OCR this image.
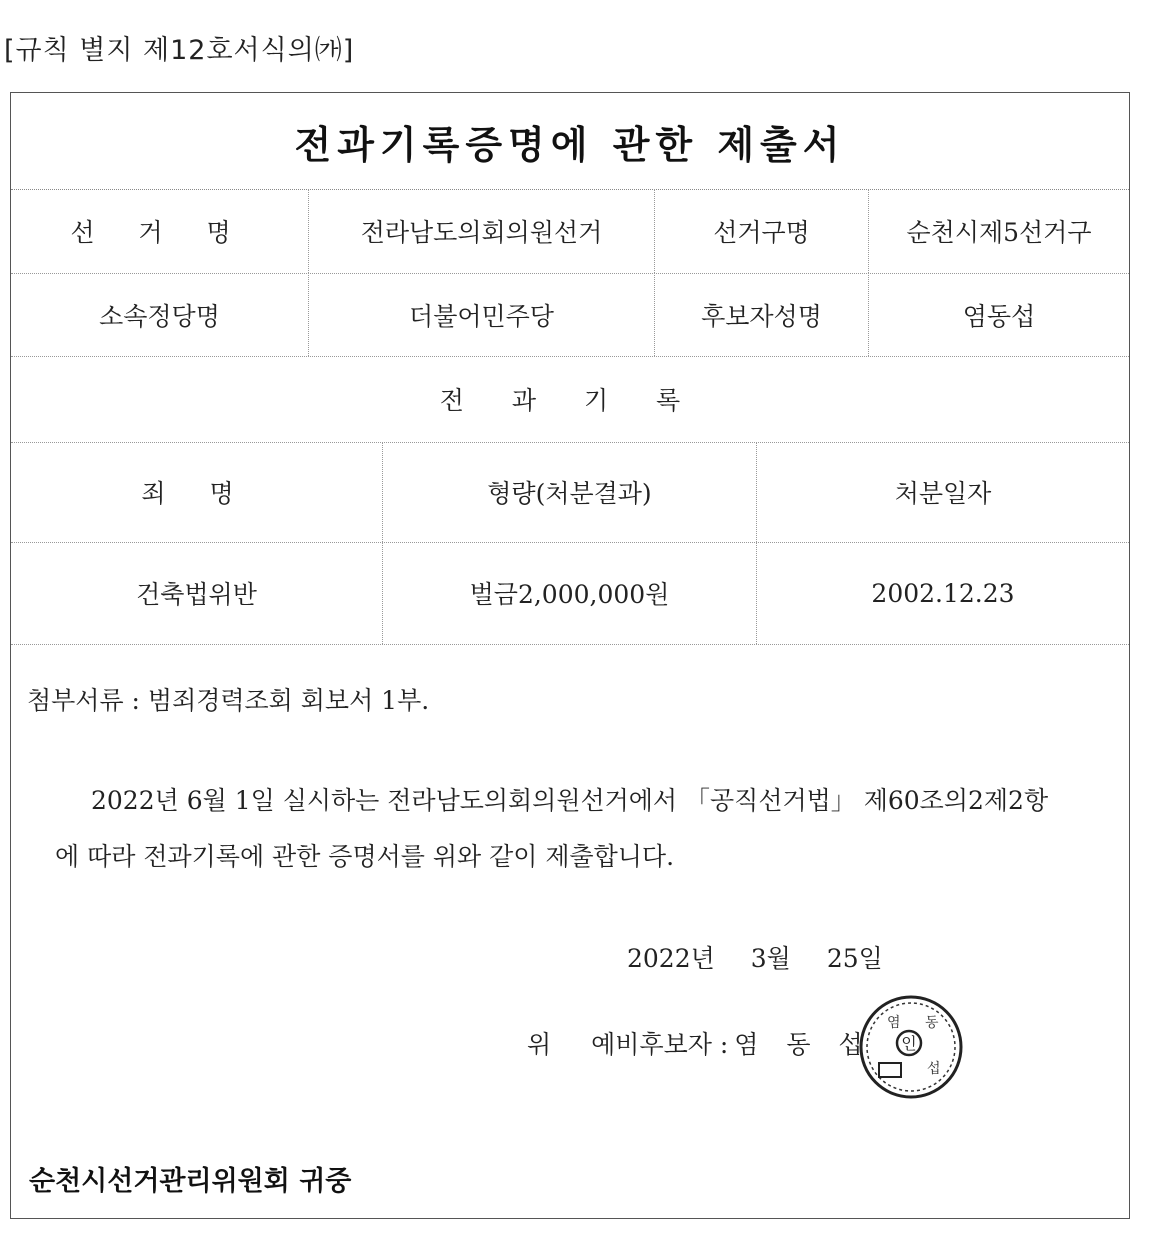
[규칙 별지 제12호서식의㈎]
전과기록증명에 관한 제출서
선 거 명	전라남도의회의원선거	선거구명	순천시제5선거구
소속정당명	더불어민주당	후보자성명	염동섭
전 과 기 록
죄 명	형량(처분결과)	처분일자
건축법위반	벌금2,000,000원	2002.12.23
첨부서류 : 범죄경력조회 회보서 1부.

2022년 6월 1일 실시하는 전라남도의회의원선거에서 「공직선거법」 제60조의2제2항

에 따라 전과기록에 관한 증명서를 위와 같이 제출합니다.

2022년 3월 25일
위 예비후보자 : 염 동 섭 인
염 동
섭
순천시선거관리위원회 귀중
